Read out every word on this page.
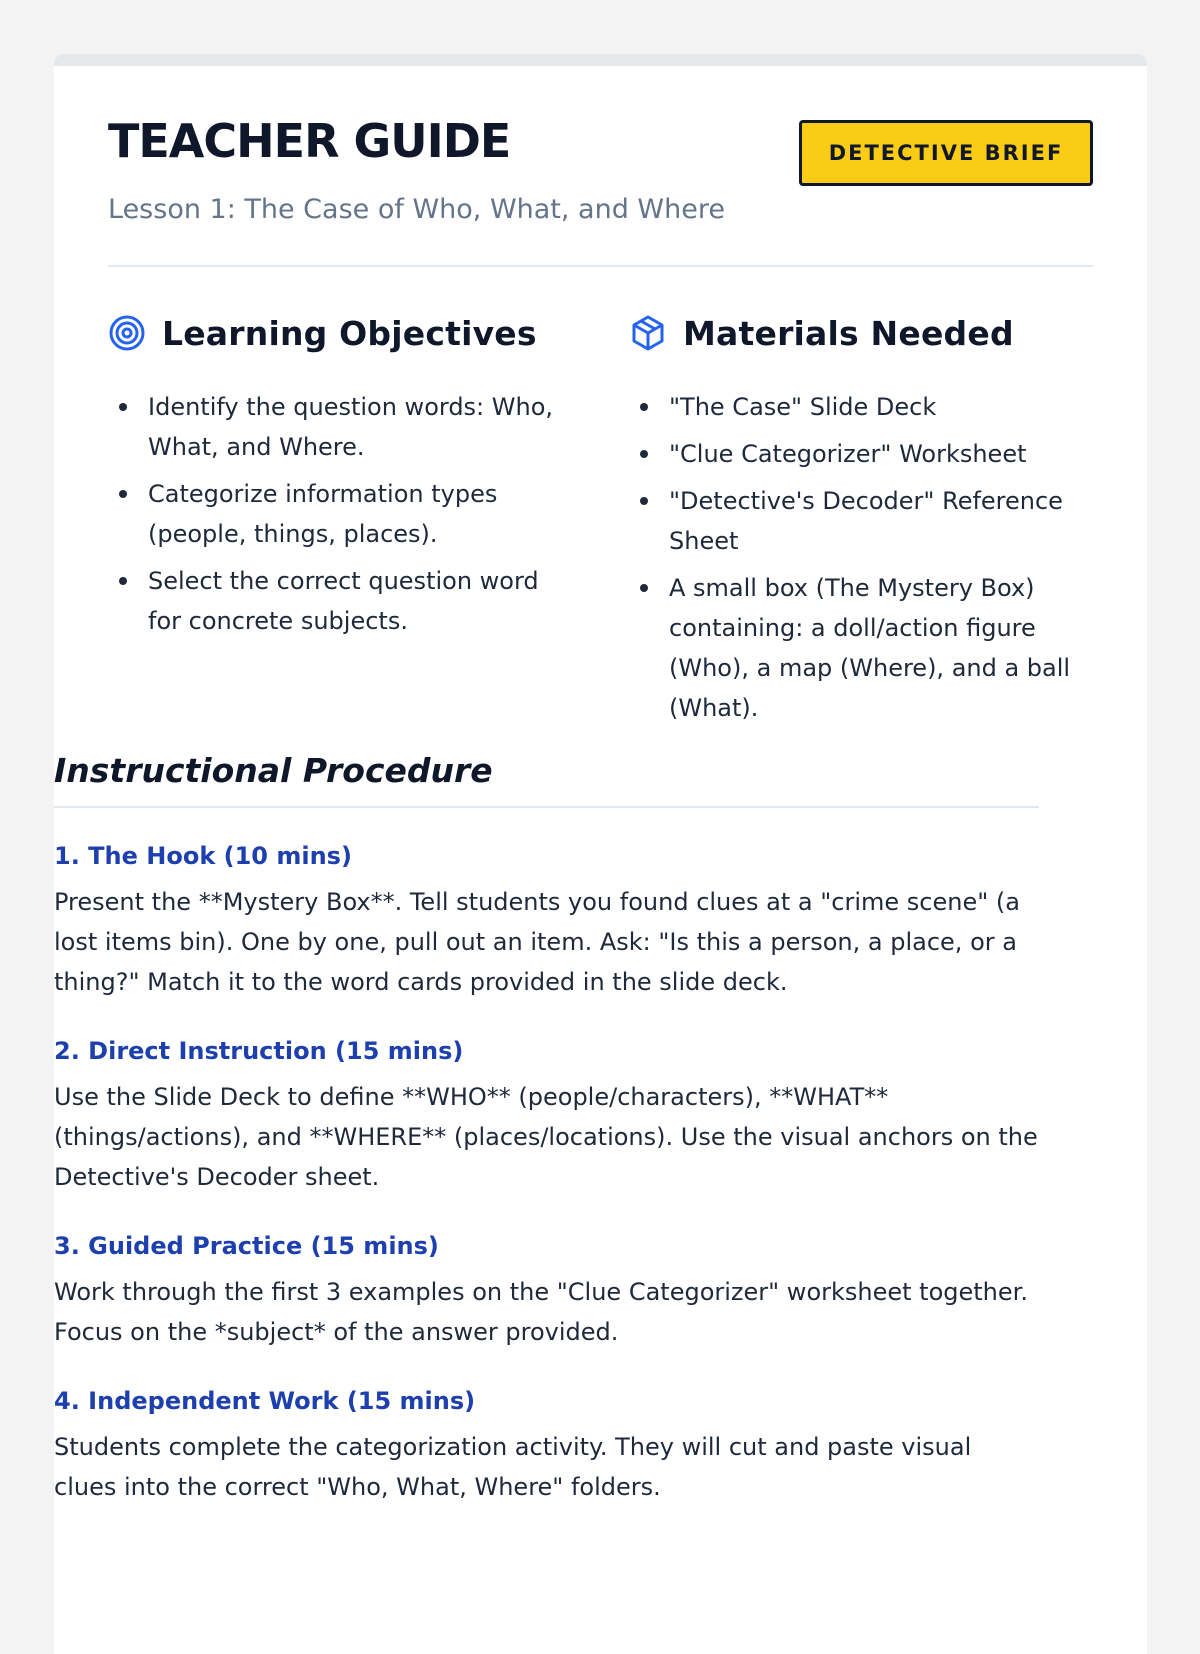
TEACHER GUIDE

Lesson 1: The Case of Who, What, and Where

DETECTIVE BRIEF
Learning Objectives
Identify the question words: Who, What, and Where.
Categorize information types (people, things, places).
Select the correct question word for concrete subjects.
Materials Needed
"The Case" Slide Deck
"Clue Categorizer" Worksheet
"Detective's Decoder" Reference Sheet
A small box (The Mystery Box) containing: a doll/action figure (Who), a map (Where), and a ball (What).
Instructional Procedure
1. The Hook (10 mins)

Present the **Mystery Box**. Tell students you found clues at a "crime scene" (a lost items bin). One by one, pull out an item. Ask: "Is this a person, a place, or a thing?" Match it to the word cards provided in the slide deck.

2. Direct Instruction (15 mins)

Use the Slide Deck to define **WHO** (people/characters), **WHAT** (things/actions), and **WHERE** (places/locations). Use the visual anchors on the Detective's Decoder sheet.

3. Guided Practice (15 mins)

Work through the first 3 examples on the "Clue Categorizer" worksheet together. Focus on the *subject* of the answer provided.

4. Independent Work (15 mins)

Students complete the categorization activity. They will cut and paste visual clues into the correct "Who, What, Where" folders.
